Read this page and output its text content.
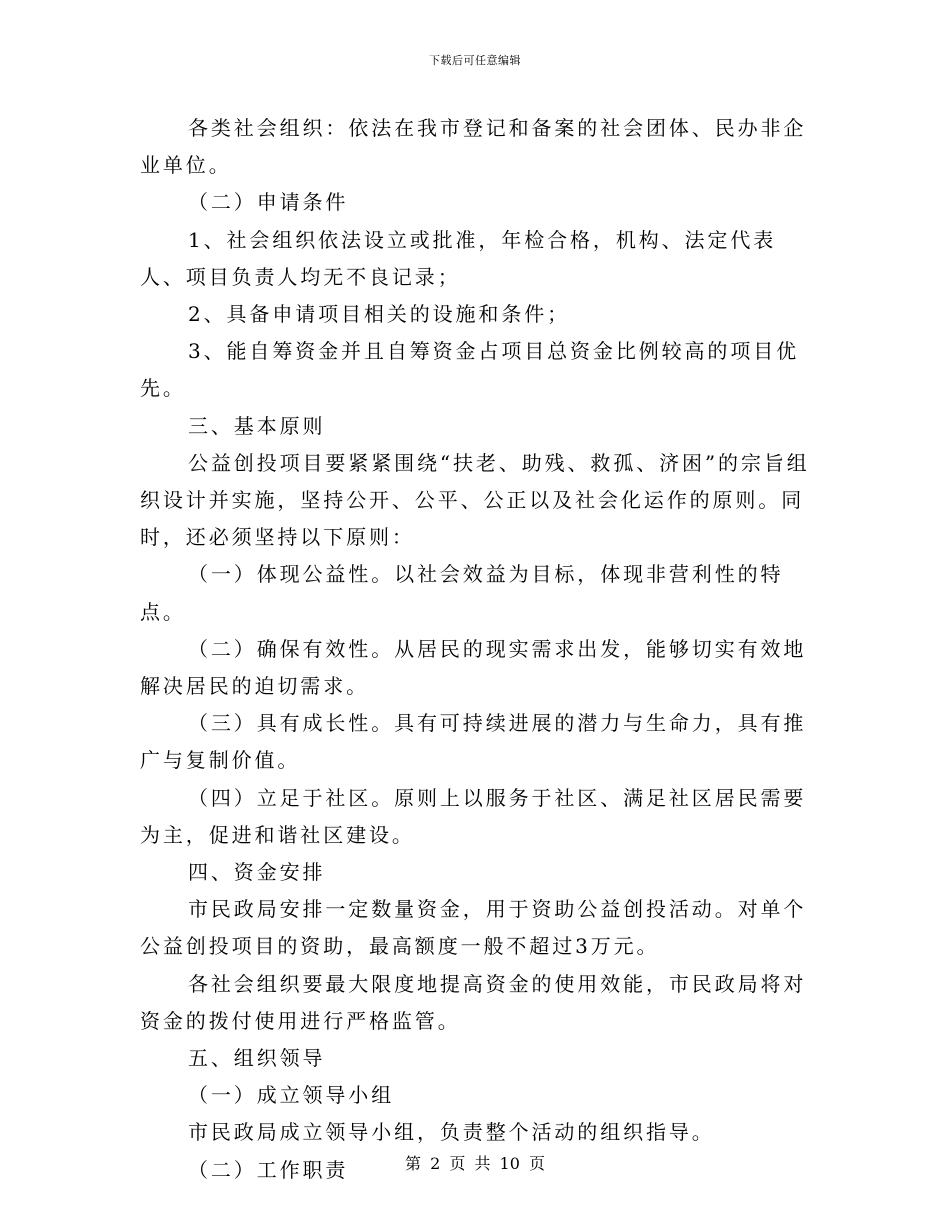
下载后可任意编辑

各类社会组织：依法在我市登记和备案的社会团体、民办非企业单位。

（二）申请条件

1、社会组织依法设立或批准，年检合格，机构、法定代表人、项目负责人均无不良记录；

2、具备申请项目相关的设施和条件；

3、能自筹资金并且自筹资金占项目总资金比例较高的项目优先。

三、基本原则

公益创投项目要紧紧围绕“扶老、助残、救孤、济困”的宗旨组织设计并实施，坚持公开、公平、公正以及社会化运作的原则。同时，还必须坚持以下原则：

（一）体现公益性。以社会效益为目标，体现非营利性的特点。

（二）确保有效性。从居民的现实需求出发，能够切实有效地解决居民的迫切需求。

（三）具有成长性。具有可持续进展的潜力与生命力，具有推广与复制价值。

（四）立足于社区。原则上以服务于社区、满足社区居民需要为主，促进和谐社区建设。

四、资金安排

市民政局安排一定数量资金，用于资助公益创投活动。对单个公益创投项目的资助，最高额度一般不超过3万元。

各社会组织要最大限度地提高资金的使用效能，市民政局将对资金的拨付使用进行严格监管。

五、组织领导

（一）成立领导小组

市民政局成立领导小组，负责整个活动的组织指导。

（二）工作职责	第 2 页 共 10 页
